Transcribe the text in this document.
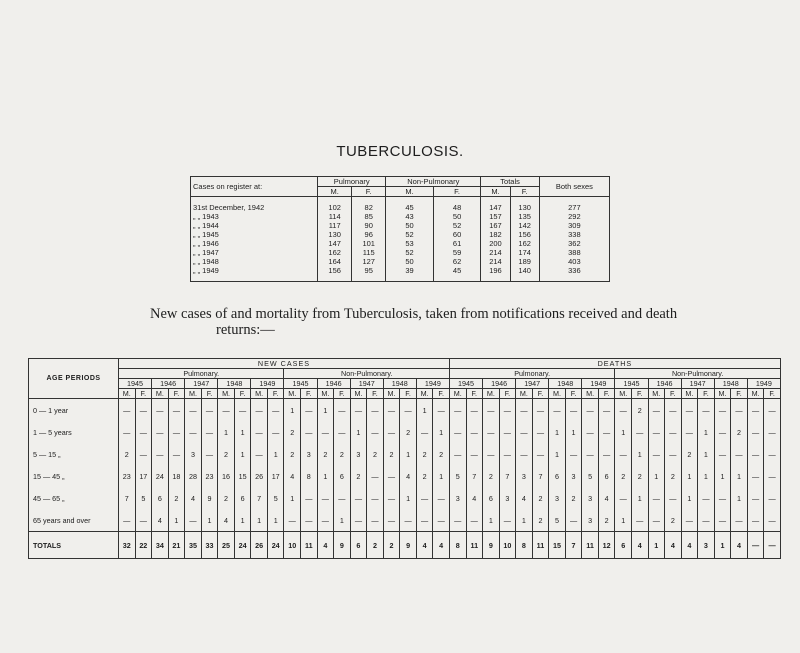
TUBERCULOSIS.
Cases on register at:	Pulmonary		Non-Pulmonary		Totals		Both sexes
	M.	F.	M.	F.	M.	F.	

31st December, 1942	102	82	45	48	147	130	277
„ „ 1943	114	85	43	50	157	135	292
„ „ 1944	117	90	50	52	167	142	309
„ „ 1945	130	96	52	60	182	156	338
„ „ 1946	147	101	53	61	200	162	362
„ „ 1947	162	115	52	59	214	174	388
„ „ 1948	164	127	50	62	214	189	403
„ „ 1949	156	95	39	45	196	140	336

New cases of and mortality from Tuberculosis, taken from notifications received and death
returns:—
AGE PERIODS	NEW CASES																				DEATHS																			
	Pulmonary.										Non-Pulmonary.										Pulmonary.										Non-Pulmonary.									
	1945		1946		1947		1948		1949		1945		1946		1947		1948		1949		1945		1946		1947		1948		1949		1945		1946		1947		1948		1949	
	M.	F.	M.	F.	M.	F.	M.	F.	M.	F.	M.	F.	M.	F.	M.	F.	M.	F.	M.	F.	M.	F.	M.	F.	M.	F.	M.	F.	M.	F.	M.	F.	M.	F.	M.	F.	M.	F.	M.	F.
0 — 1 year	—	—	—	—	—	—	—	—	—	—	1	—	1	—	—	—	—	—	1	—	—	—	—	—	—	—	—	—	—	—	—	2	—	—	—	—	—	—	—	—
1 — 5 years	—	—	—	—	—	—	1	1	—	—	2	—	—	—	1	—	—	2	—	1	—	—	—	—	—	—	1	1	—	—	1	—	—	—	—	1	—	2	—	—
5 — 15 „	2	—	—	—	3	—	2	1	—	1	2	3	2	2	3	2	2	1	2	2	—	—	—	—	—	—	1	—	—	—	—	1	—	—	2	1	—	—	—	—
15 — 45 „	23	17	24	18	28	23	16	15	26	17	4	8	1	6	2	—	—	4	2	1	5	7	2	7	3	7	6	3	5	6	2	2	1	2	1	1	1	1	—	—
45 — 65 „	7	5	6	2	4	9	2	6	7	5	1	—	—	—	—	—	—	1	—	—	3	4	6	3	4	2	3	2	3	4	—	1	—	—	1	—	—	1	—	—
65 years and over	—	—	4	1	—	1	4	1	1	1	—	—	—	1	—	—	—	—	—	—	—	—	1	—	1	2	5	—	3	2	1	—	—	2	—	—	—	—	—	—
TOTALS	32	22	34	21	35	33	25	24	26	24	10	11	4	9	6	2	2	9	4	4	8	11	9	10	8	11	15	7	11	12	6	4	1	4	4	3	1	4	—	—
